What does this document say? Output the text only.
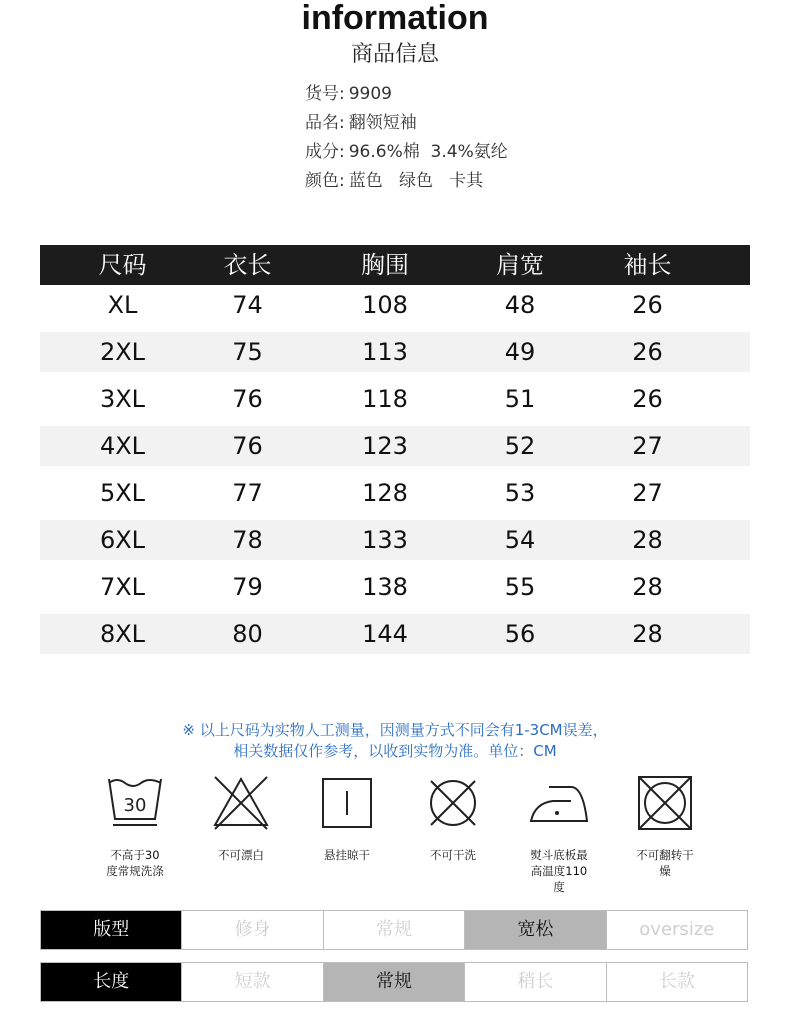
information
商品信息
货号: 9909
品名: 翻领短袖
成分: 96.6%棉  3.4%氨纶
颜色: 蓝色   绿色   卡其
尺码	衣长	胸围	肩宽	袖长
XL	74	108	48	26
2XL	75	113	49	26
3XL	76	118	51	26
4XL	76	123	52	27
5XL	77	128	53	27
6XL	78	133	54	28
7XL	79	138	55	28
8XL	80	144	56	28
※ 以上尺码为实物人工测量，因测量方式不同会有1-3CM误差，
相关数据仅作参考，以收到实物为准。单位：CM
30
不高于30
度常规洗涤
不可漂白	悬挂晾干	不可干洗	熨斗底板最
高温度110
度
不可翻转干
燥
版型	修身	常规	宽松	oversize
长度	短款	常规	稍长	长款
